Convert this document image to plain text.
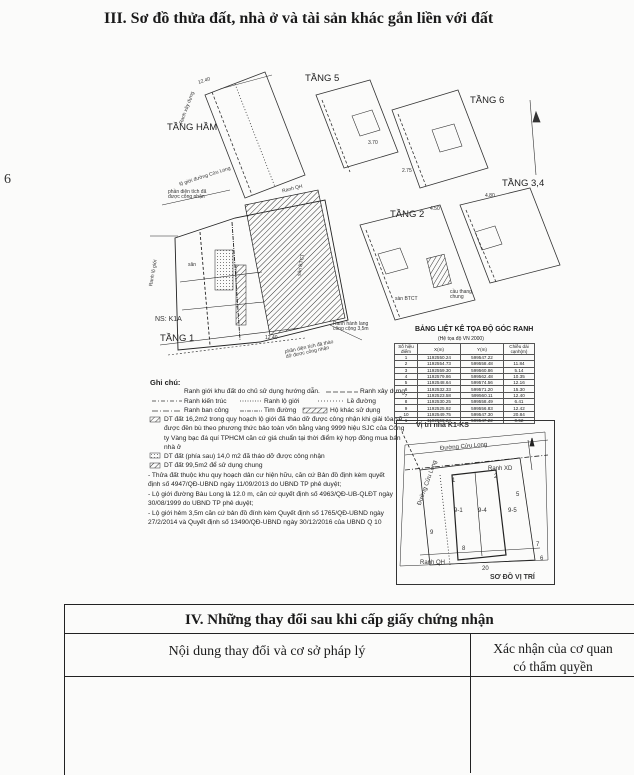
III. Sơ đồ thửa đất, nhà ở và tài sản khác gắn liền với đất
6
TẦNG 5
TẦNG 6
TẦNG HẦM
TẦNG 3,4
TẦNG 2
TẦNG 1
12.40
Ranh xây dựng
lộ giới đường Cửu Long
phần diện tích đã được công nhận
Ranh QH
Ranh lộ giới
NS: K1A
sân	sàn BTCT
sàn BTCT
cầu thang chung
phần diện tích đã tháo dỡ được công nhận
Ranh hành lang công cộng 3,5m
12.40
4.50
4.80
3.70
2.75
Ghi chú:
Ranh giới khu đất do chủ sử dụng hướng dẫn.	Ranh xây dựng
Ranh kiến trúc	Ranh lộ giới	Lề đường
Ranh ban công	Tim đường	Hộ khác sử dụng
DT đất 16,2m2 trong quy hoạch lộ giới đã tháo dỡ được công nhận khi giải tỏa sẽ được đền bù theo phương thức bảo toàn vốn bằng vàng 9999 hiệu SJC của Công ty Vàng bạc đá quí TPHCM căn cứ giá chuẩn tại thời điểm ký hợp đồng mua bán nhà ở
DT đất (phía sau) 14,0 m2 đã tháo dỡ được công nhận
DT đất 99,5m2 để sử dụng chung
- Thửa đất thuộc khu quy hoạch dân cư hiện hữu, căn cứ Bản đồ định kèm quyết định số 4947/QĐ-UBND ngày 11/09/2013 do UBND TP phê duyệt;
- Lộ giới đường Bàu Long là 12.0 m, căn cứ quyết định số 4963/QĐ-UB-QLĐT ngày 30/08/1999 do UBND TP phê duyệt;
- Lộ giới hẻm 3,5m căn cứ bản đồ đính kèm Quyết định số 1765/QĐ-UBND ngày 27/2/2014 và Quyết định số 13490/QĐ-UBND ngày 30/12/2016 của UBND Q 10
BẢNG LIỆT KÊ TỌA ĐỘ GÓC RANH
(Hệ tọa độ VN 2000)
Số hiệu điểm	X(m)	Y(m)	Chiều dài cạnh(m)
1	1192550.24	599547.22	
2	1192554.73	599558.48	11.84
3	1192559.30	599560.86	5.14
4	1192579.86	599562.48	10.35
5	1192548.64	599574.56	12.16
6	1192532.33	599571.20	15.30
7	1192523.58	599560.11	12.40
8	1192530.25	599558.49	6.41
9	1192525.92	599556.83	12.42
10	1192549.75	599547.30	20.84
1	1192550.24	599547.22	0.52
Vị trí nhà K1-KS
Đường Cửu Long
Ranh XD
Đường Cửu Long
Ranh QH
9-1	9-4	9-5
9
20
8
7
6
5
1
2
SƠ ĐỒ VỊ TRÍ
IV. Những thay đổi sau khi cấp giấy chứng nhận
Nội dung thay đổi và cơ sở pháp lý	Xác nhận của cơ quan
có thẩm quyền
